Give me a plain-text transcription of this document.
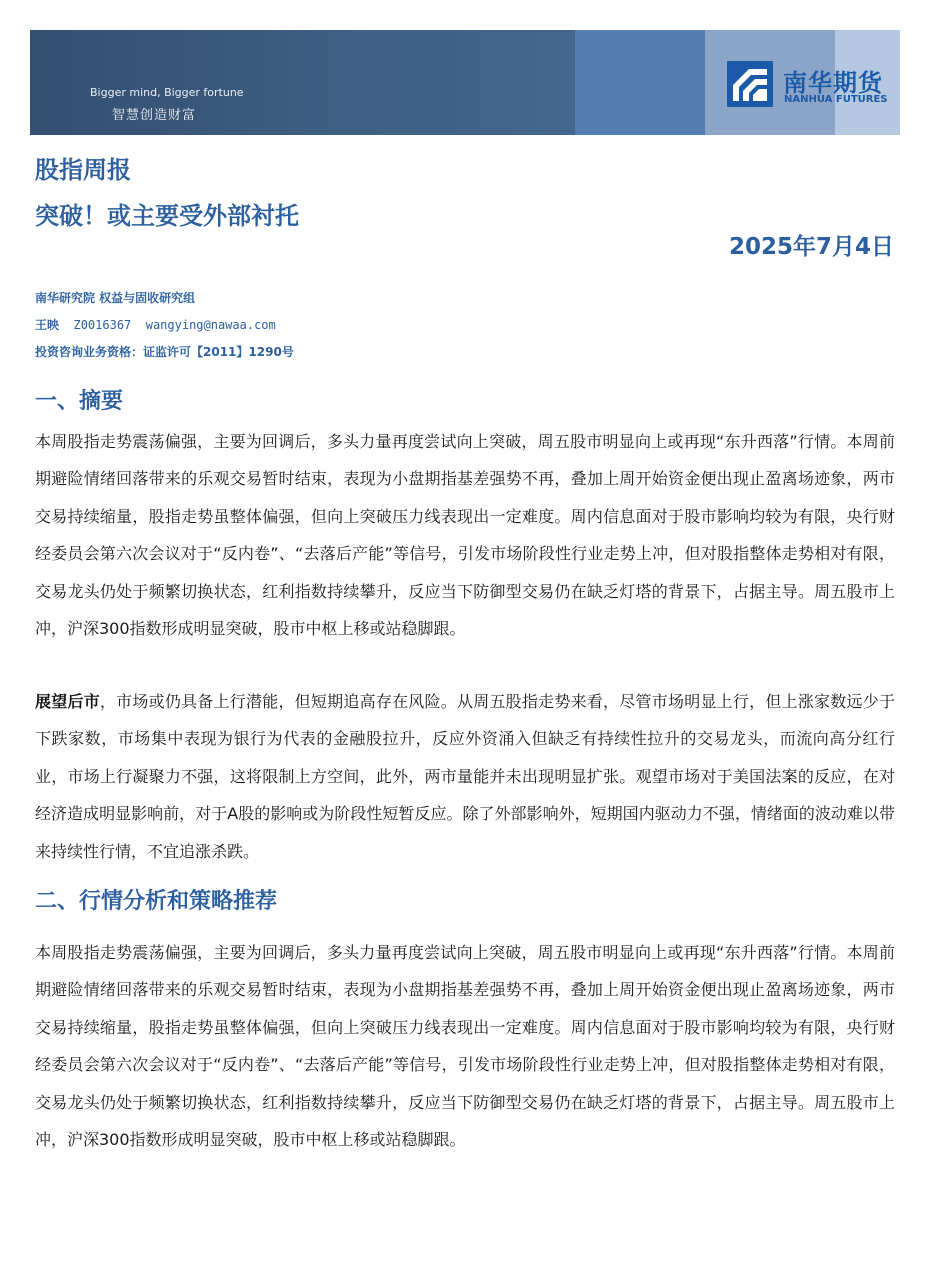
Bigger mind, Bigger fortune
智慧创造财富
南华期货
NANHUA FUTURES
股指周报
突破！或主要受外部衬托
2025年7月4日
南华研究院 权益与固收研究组
王映 Z0016367  wangying@nawaa.com
投资咨询业务资格：证监许可【2011】1290号
一、摘要
本周股指走势震荡偏强，主要为回调后，多头力量再度尝试向上突破，周五股市明显向上或再现“东升西落”行情。本周前期避险情绪回落带来的乐观交易暂时结束，表现为小盘期指基差强势不再，叠加上周开始资金便出现止盈离场迹象，两市交易持续缩量，股指走势虽整体偏强，但向上突破压力线表现出一定难度。周内信息面对于股市影响均较为有限，央行财经委员会第六次会议对于“反内卷”、“去落后产能”等信号，引发市场阶段性行业走势上冲，但对股指整体走势相对有限，交易龙头仍处于频繁切换状态，红利指数持续攀升，反应当下防御型交易仍在缺乏灯塔的背景下，占据主导。周五股市上冲，沪深300指数形成明显突破，股市中枢上移或站稳脚跟。
展望后市，市场或仍具备上行潜能，但短期追高存在风险。从周五股指走势来看，尽管市场明显上行，但上涨家数远少于下跌家数，市场集中表现为银行为代表的金融股拉升，反应外资涌入但缺乏有持续性拉升的交易龙头，而流向高分红行业，市场上行凝聚力不强，这将限制上方空间，此外，两市量能并未出现明显扩张。观望市场对于美国法案的反应，在对经济造成明显影响前，对于A股的影响或为阶段性短暂反应。除了外部影响外，短期国内驱动力不强，情绪面的波动难以带来持续性行情，不宜追涨杀跌。
二、行情分析和策略推荐
本周股指走势震荡偏强，主要为回调后，多头力量再度尝试向上突破，周五股市明显向上或再现“东升西落”行情。本周前期避险情绪回落带来的乐观交易暂时结束，表现为小盘期指基差强势不再，叠加上周开始资金便出现止盈离场迹象，两市交易持续缩量，股指走势虽整体偏强，但向上突破压力线表现出一定难度。周内信息面对于股市影响均较为有限，央行财经委员会第六次会议对于“反内卷”、“去落后产能”等信号，引发市场阶段性行业走势上冲，但对股指整体走势相对有限，交易龙头仍处于频繁切换状态，红利指数持续攀升，反应当下防御型交易仍在缺乏灯塔的背景下，占据主导。周五股市上冲，沪深300指数形成明显突破，股市中枢上移或站稳脚跟。
